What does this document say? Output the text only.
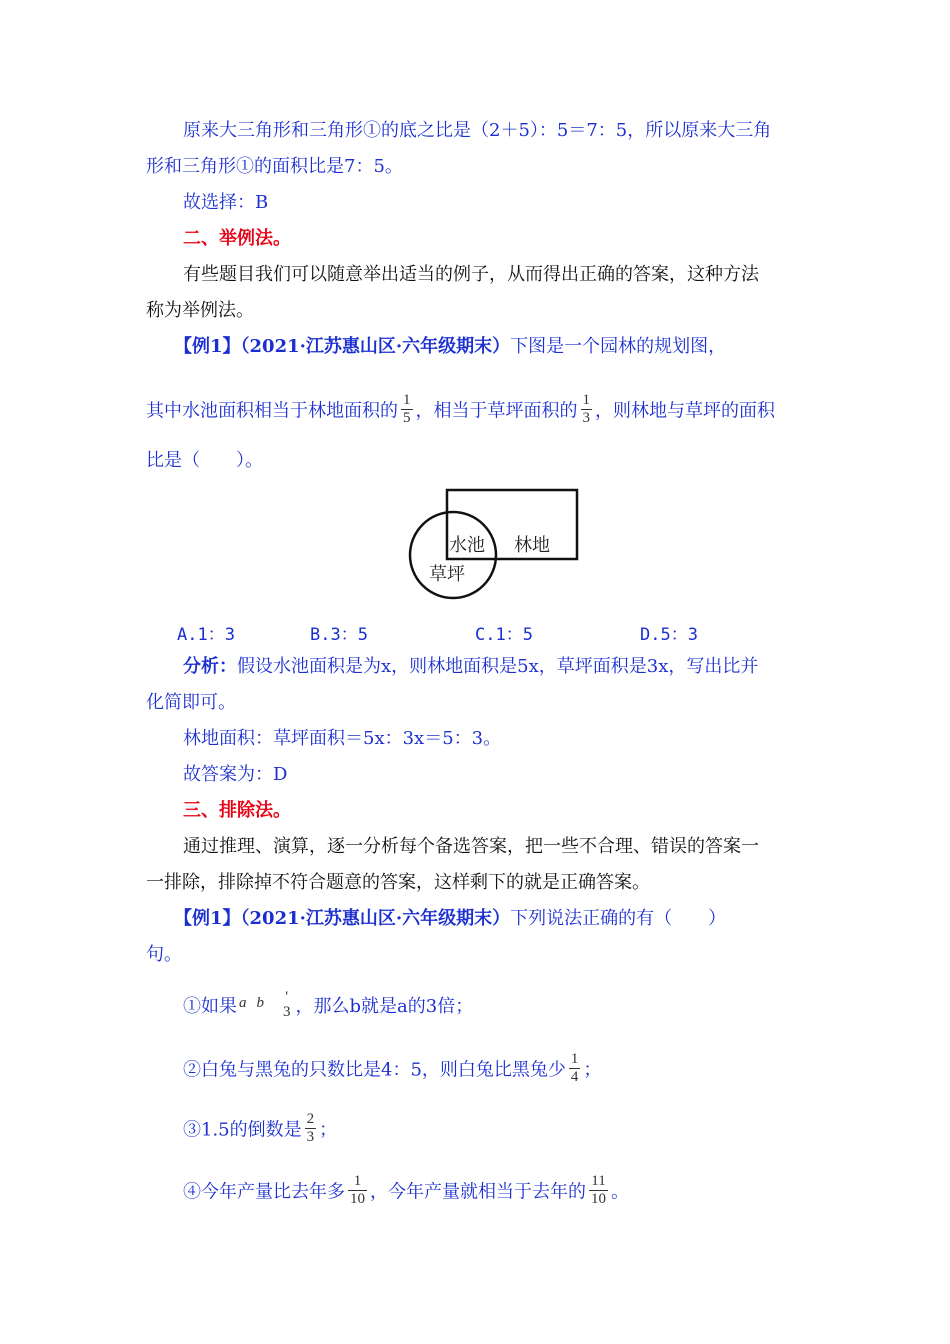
原来大三角形和三角形①的底之比是（2＋5）：5＝7：5，所以原来大三角
形和三角形①的面积比是7：5。
故选择：B
二、举例法。
有些题目我们可以随意举出适当的例子，从而得出正确的答案，这种方法
称为举例法。
【例1】（2021·江苏惠山区·六年级期末）下图是一个园林的规划图，
其中水池面积相当于林地面积的 $\frac{1}{5}$ ，相当于草坪面积的 $\frac{1}{3}$ ，则林地与草坪的面积
比是（　　）。
水池 林地
草坪
A.1：3	B.3：5	C.1：5	D.5：3
分析：假设水池面积是为x，则林地面积是5x，草坪面积是3x，写出比并
化简即可。
林地面积：草坪面积＝5x：3x＝5：3。
故答案为：D
三、排除法。
通过推理、演算，逐一分析每个备选答案，把一些不合理、错误的答案一
一排除，排除掉不符合题意的答案，这样剩下的就是正确答案。
【例1】（2021·江苏惠山区·六年级期末）下列说法正确的有（　　）
句。
①如果 $^a$ $^b$ '
3 ，那么b就是a的3倍；
②白兔与黑兔的只数比是4：5，则白兔比黑兔少 $\frac{1}{4}$ ；
③1.5的倒数是 $\frac{2}{3}$ ；
④今年产量比去年多 $\frac{1}{10}$ ，今年产量就相当于去年的 $\frac{11}{10}$ 。
